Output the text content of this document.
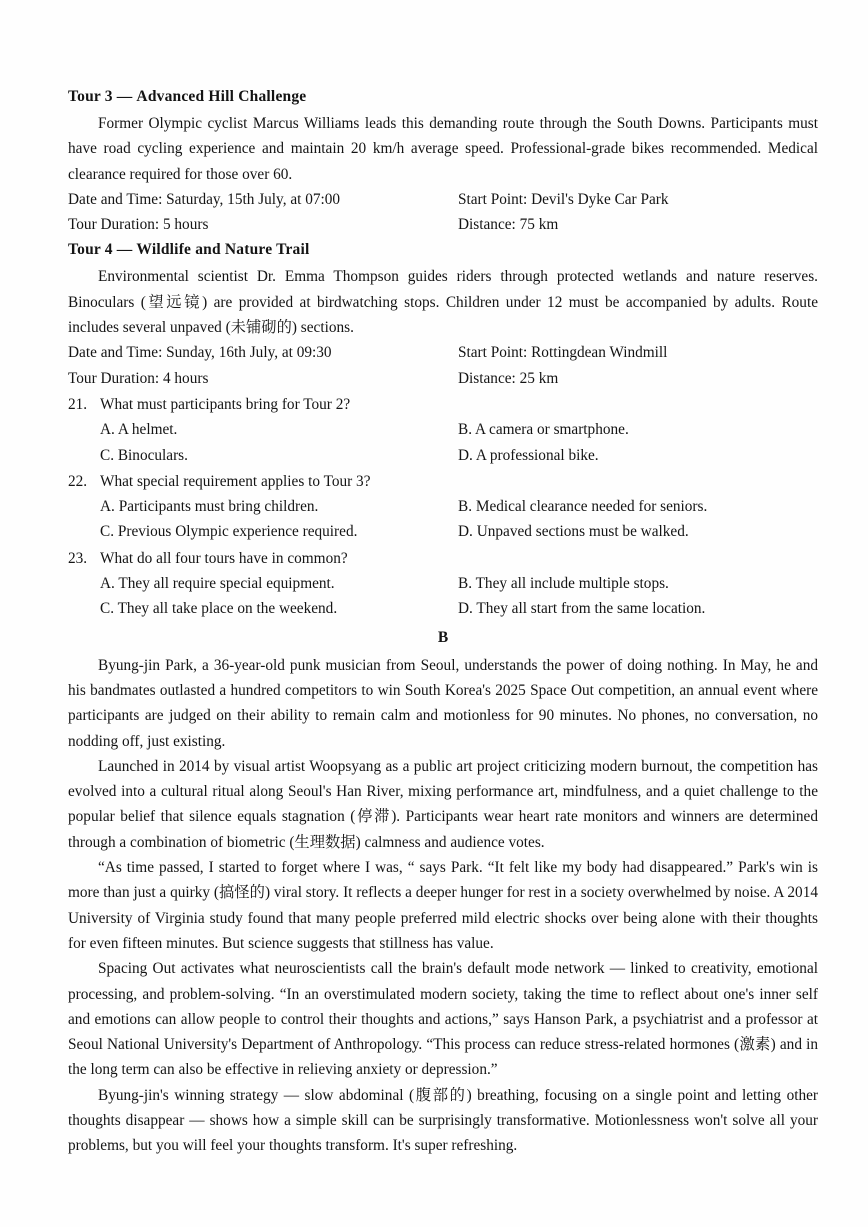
Tour 3 — Advanced Hill Challenge

Former Olympic cyclist Marcus Williams leads this demanding route through the South Downs. Participants must have road cycling experience and maintain 20 km/h average speed. Professional-grade bikes recommended. Medical clearance required for those over 60.

Date and Time: Saturday, 15th July, at 07:00	Start Point: Devil's Dyke Car Park
Tour Duration: 5 hours	Distance: 75 km
Tour 4 — Wildlife and Nature Trail

Environmental scientist Dr. Emma Thompson guides riders through protected wetlands and nature reserves. Binoculars (望远镜) are provided at birdwatching stops. Children under 12 must be accompanied by adults. Route includes several unpaved (未铺砌的) sections.

Date and Time: Sunday, 16th July, at 09:30	Start Point: Rottingdean Windmill
Tour Duration: 4 hours	Distance: 25 km
21. What must participants bring for Tour 2?
A. A helmet.	B. A camera or smartphone.
C. Binoculars.	D. A professional bike.
22. What special requirement applies to Tour 3?
A. Participants must bring children.	B. Medical clearance needed for seniors.
C. Previous Olympic experience required.	D. Unpaved sections must be walked.
23. What do all four tours have in common?
A. They all require special equipment.	B. They all include multiple stops.
C. They all take place on the weekend.	D. They all start from the same location.
B

Byung-jin Park, a 36-year-old punk musician from Seoul, understands the power of doing nothing. In May, he and his bandmates outlasted a hundred competitors to win South Korea's 2025 Space Out competition, an annual event where participants are judged on their ability to remain calm and motionless for 90 minutes. No phones, no conversation, no nodding off, just existing.

Launched in 2014 by visual artist Woopsyang as a public art project criticizing modern burnout, the competition has evolved into a cultural ritual along Seoul's Han River, mixing performance art, mindfulness, and a quiet challenge to the popular belief that silence equals stagnation (停滞). Participants wear heart rate monitors and winners are determined through a combination of biometric (生理数据) calmness and audience votes.

“As time passed, I started to forget where I was, “ says Park. “It felt like my body had disappeared.” Park's win is more than just a quirky (搞怪的) viral story. It reflects a deeper hunger for rest in a society overwhelmed by noise. A 2014 University of Virginia study found that many people preferred mild electric shocks over being alone with their thoughts for even fifteen minutes. But science suggests that stillness has value.

Spacing Out activates what neuroscientists call the brain's default mode network — linked to creativity, emotional processing, and problem-solving. “In an overstimulated modern society, taking the time to reflect about one's inner self and emotions can allow people to control their thoughts and actions,” says Hanson Park, a psychiatrist and a professor at Seoul National University's Department of Anthropology. “This process can reduce stress-related hormones (激素) and in the long term can also be effective in relieving anxiety or depression.”

Byung-jin's winning strategy — slow abdominal (腹部的) breathing, focusing on a single point and letting other thoughts disappear — shows how a simple skill can be surprisingly transformative. Motionlessness won't solve all your problems, but you will feel your thoughts transform. It's super refreshing.
